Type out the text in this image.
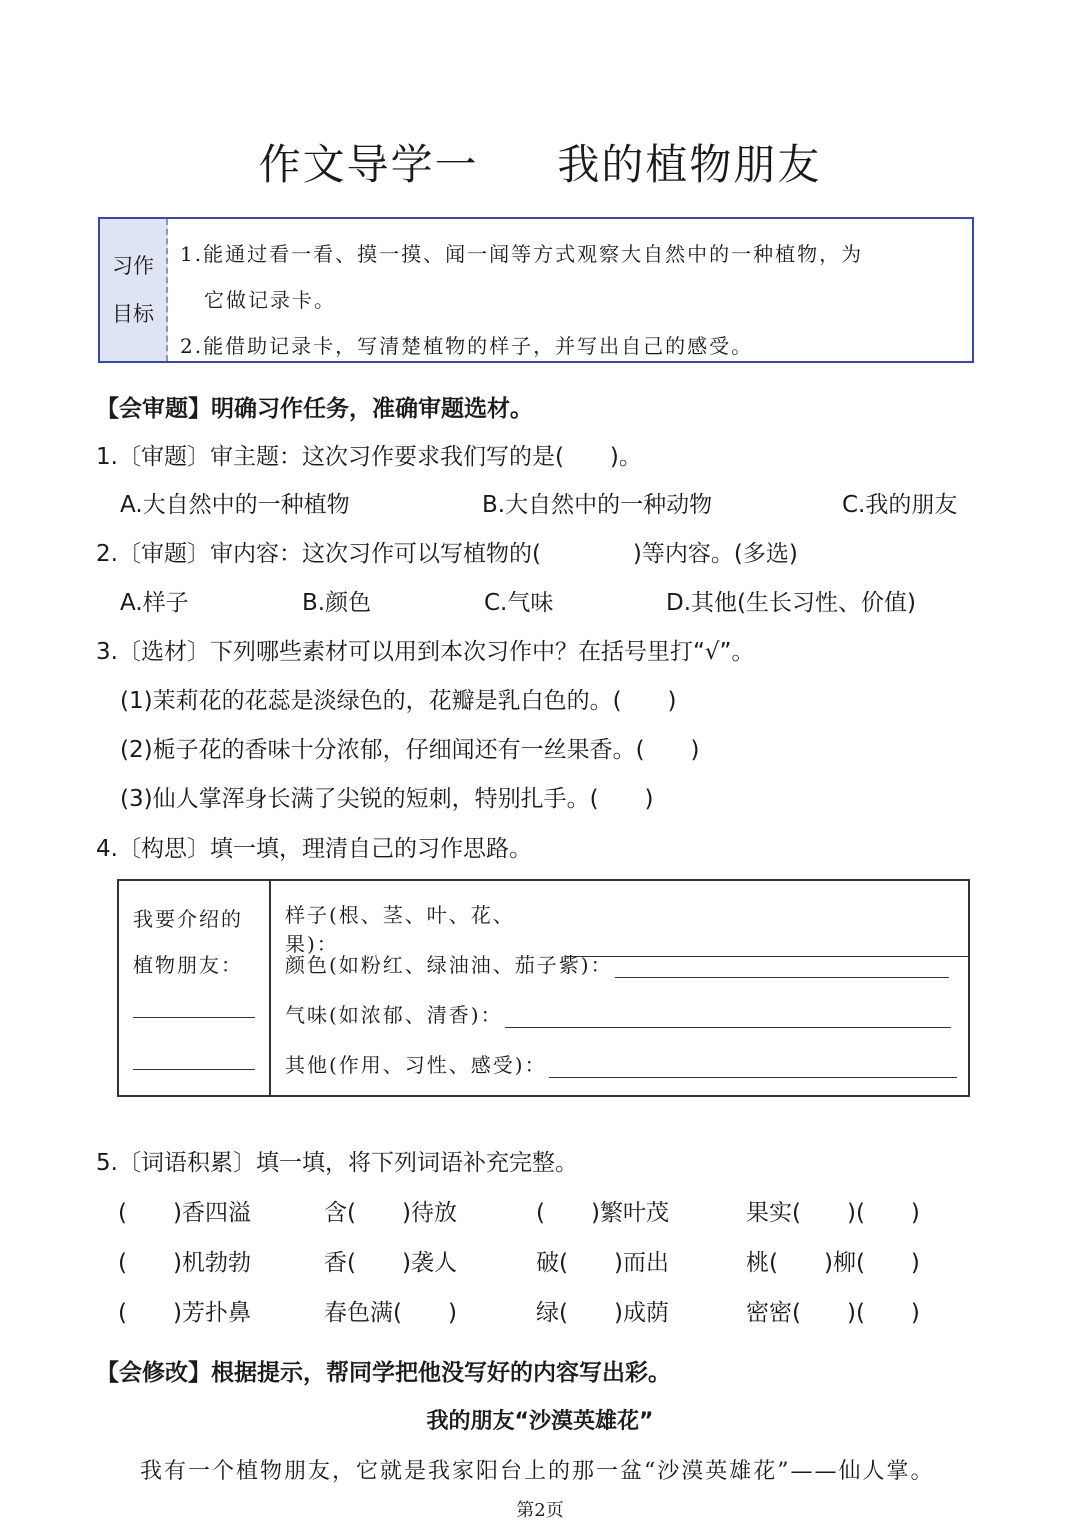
作文导学一 我的植物朋友
习作
目标
1.能通过看一看、摸一摸、闻一闻等方式观察大自然中的一种植物，为
它做记录卡。
2.能借助记录卡，写清楚植物的样子，并写出自己的感受。
【会审题】明确习作任务，准确审题选材。
1.〔审题〕审主题：这次习作要求我们写的是(　　)。
A.大自然中的一种植物	B.大自然中的一种动物	C.我的朋友
2.〔审题〕审内容：这次习作可以写植物的(　　　　)等内容。(多选)
A.样子	B.颜色	C.气味	D.其他(生长习性、价值)
3.〔选材〕下列哪些素材可以用到本次习作中？在括号里打“√”。
(1)茉莉花的花蕊是淡绿色的，花瓣是乳白色的。(　　)
(2)栀子花的香味十分浓郁，仔细闻还有一丝果香。(　　)
(3)仙人掌浑身长满了尖锐的短刺，特别扎手。(　　)
4.〔构思〕填一填，理清自己的习作思路。
我要介绍的
植物朋友：
样子(根、茎、叶、花、果)：
颜色(如粉红、绿油油、茄子紫)：
气味(如浓郁、清香)：
其他(作用、习性、感受)：
5.〔词语积累〕填一填，将下列词语补充完整。
(　　)香四溢	含(　　)待放	(　　)繁叶茂	果实(　　)(　　)
(　　)机勃勃	香(　　)袭人	破(　　)而出	桃(　　)柳(　　)
(　　)芳扑鼻	春色满(　　)	绿(　　)成荫	密密(　　)(　　)
【会修改】根据提示，帮同学把他没写好的内容写出彩。
我的朋友“沙漠英雄花”
我有一个植物朋友，它就是我家阳台上的那一盆“沙漠英雄花”——仙人掌。
第2页
